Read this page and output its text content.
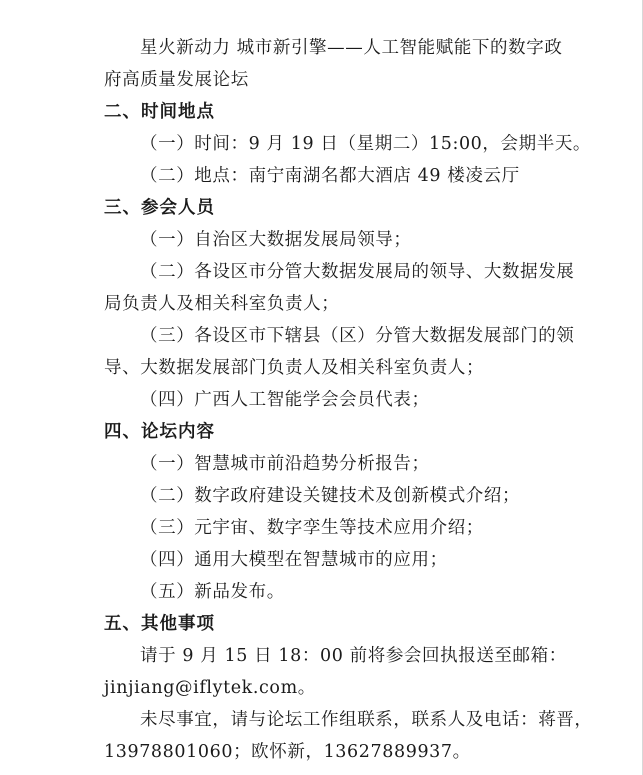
星火新动力 城市新引擎——人工智能赋能下的数字政
府高质量发展论坛
二、时间地点
（一）时间：9 月 19 日（星期二）15:00，会期半天。
（二）地点：南宁南湖名都大酒店 49 楼凌云厅
三、参会人员
（一）自治区大数据发展局领导；
（二）各设区市分管大数据发展局的领导、大数据发展
局负责人及相关科室负责人；
（三）各设区市下辖县（区）分管大数据发展部门的领
导、大数据发展部门负责人及相关科室负责人；
（四）广西人工智能学会会员代表；
四、论坛内容
（一）智慧城市前沿趋势分析报告；
（二）数字政府建设关键技术及创新模式介绍；
（三）元宇宙、数字孪生等技术应用介绍；
（四）通用大模型在智慧城市的应用；
（五）新品发布。
五、其他事项
请于 9 月 15 日 18：00 前将参会回执报送至邮箱：
jinjiang@iflytek.com。
未尽事宜，请与论坛工作组联系，联系人及电话：蒋晋，
13978801060；欧怀新，13627889937。
